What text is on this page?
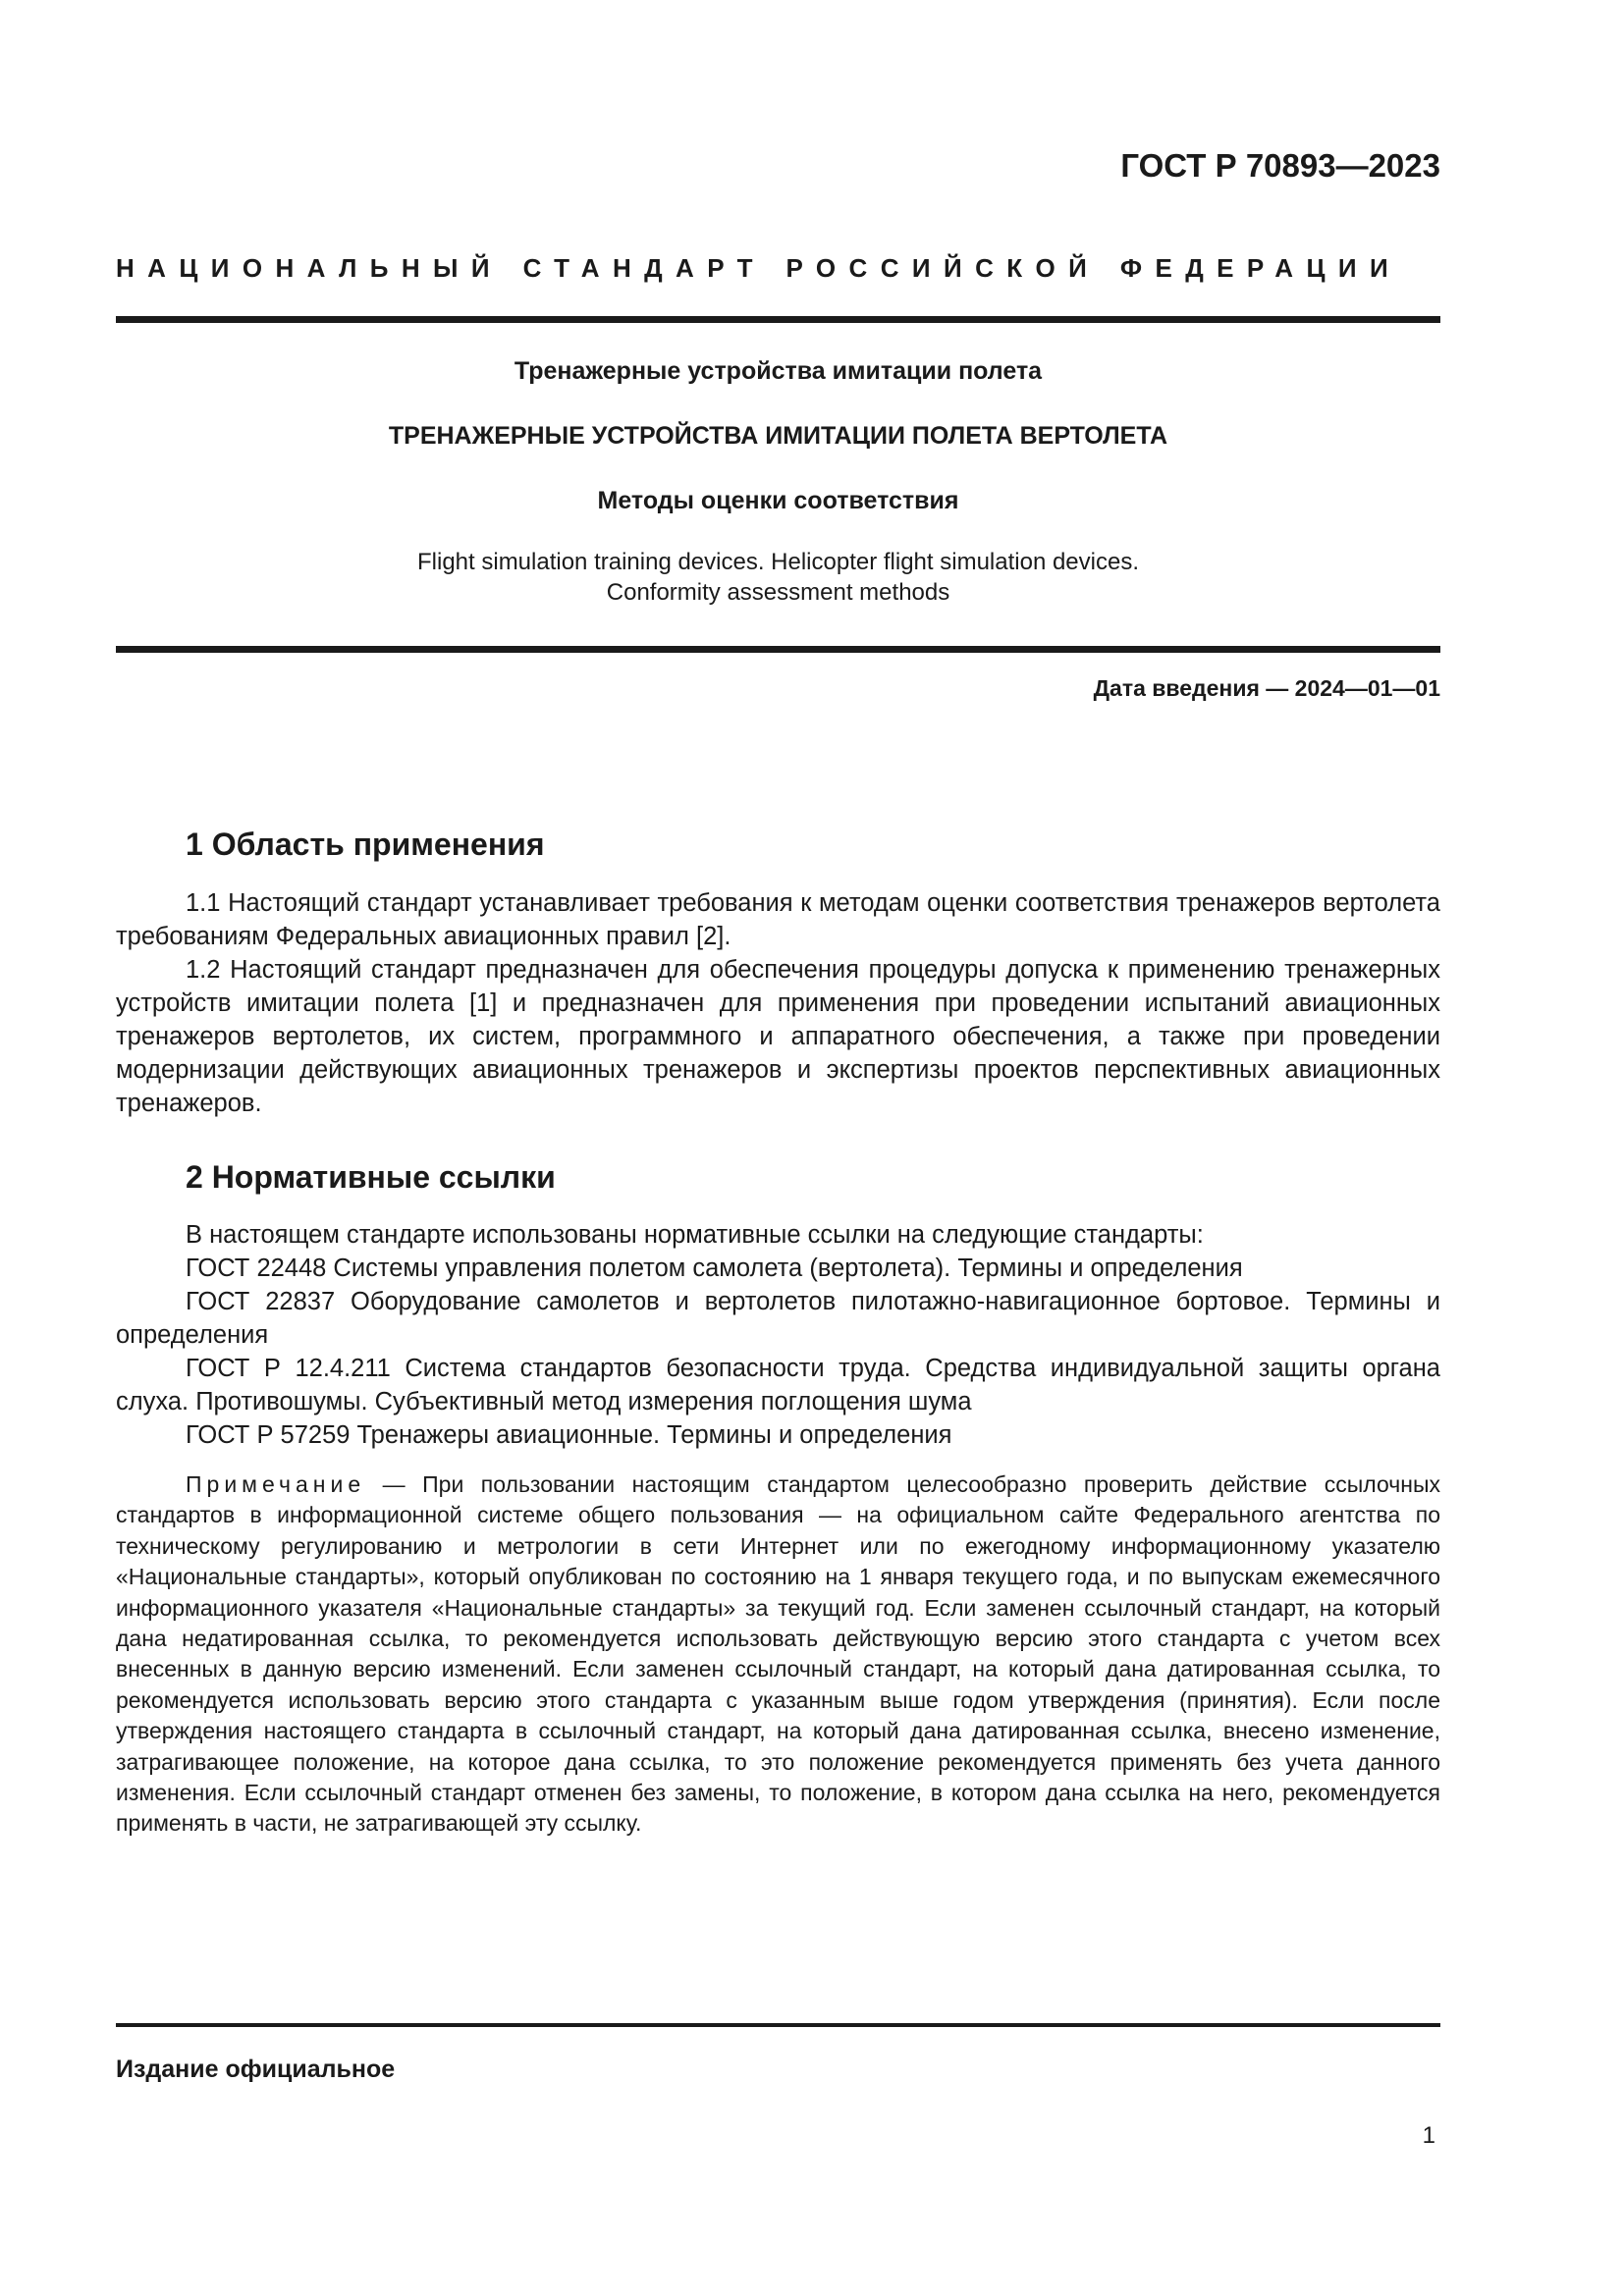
ГОСТ Р 70893—2023
НАЦИОНАЛЬНЫЙ СТАНДАРТ РОССИЙСКОЙ ФЕДЕРАЦИИ
Тренажерные устройства имитации полета
ТРЕНАЖЕРНЫЕ УСТРОЙСТВА ИМИТАЦИИ ПОЛЕТА ВЕРТОЛЕТА
Методы оценки соответствия
Flight simulation training devices. Helicopter flight simulation devices.
Conformity assessment methods
Дата введения — 2024—01—01
1 Область применения

1.1 Настоящий стандарт устанавливает требования к методам оценки соответствия тренажеров вертолета требованиям Федеральных авиационных правил [2].

1.2 Настоящий стандарт предназначен для обеспечения процедуры допуска к применению тренажерных устройств имитации полета [1] и предназначен для применения при проведении испытаний авиационных тренажеров вертолетов, их систем, программного и аппаратного обеспечения, а также при проведении модернизации действующих авиационных тренажеров и экспертизы проектов перспективных авиационных тренажеров.

2 Нормативные ссылки

В настоящем стандарте использованы нормативные ссылки на следующие стандарты:

ГОСТ 22448 Системы управления полетом самолета (вертолета). Термины и определения

ГОСТ 22837 Оборудование самолетов и вертолетов пилотажно-навигационное бортовое. Термины и определения

ГОСТ Р 12.4.211 Система стандартов безопасности труда. Средства индивидуальной защиты органа слуха. Противошумы. Субъективный метод измерения поглощения шума

ГОСТ Р 57259 Тренажеры авиационные. Термины и определения

Примечание — При пользовании настоящим стандартом целесообразно проверить действие ссылочных стандартов в информационной системе общего пользования — на официальном сайте Федерального агентства по техническому регулированию и метрологии в сети Интернет или по ежегодному информационному указателю «Национальные стандарты», который опубликован по состоянию на 1 января текущего года, и по выпускам ежемесячного информационного указателя «Национальные стандарты» за текущий год. Если заменен ссылочный стандарт, на который дана недатированная ссылка, то рекомендуется использовать действующую версию этого стандарта с учетом всех внесенных в данную версию изменений. Если заменен ссылочный стандарт, на который дана датированная ссылка, то рекомендуется использовать версию этого стандарта с указанным выше годом утверждения (принятия). Если после утверждения настоящего стандарта в ссылочный стандарт, на который дана датированная ссылка, внесено изменение, затрагивающее положение, на которое дана ссылка, то это положение рекомендуется применять без учета данного изменения. Если ссылочный стандарт отменен без замены, то положение, в котором дана ссылка на него, рекомендуется применять в части, не затрагивающей эту ссылку.

Издание официальное
1
